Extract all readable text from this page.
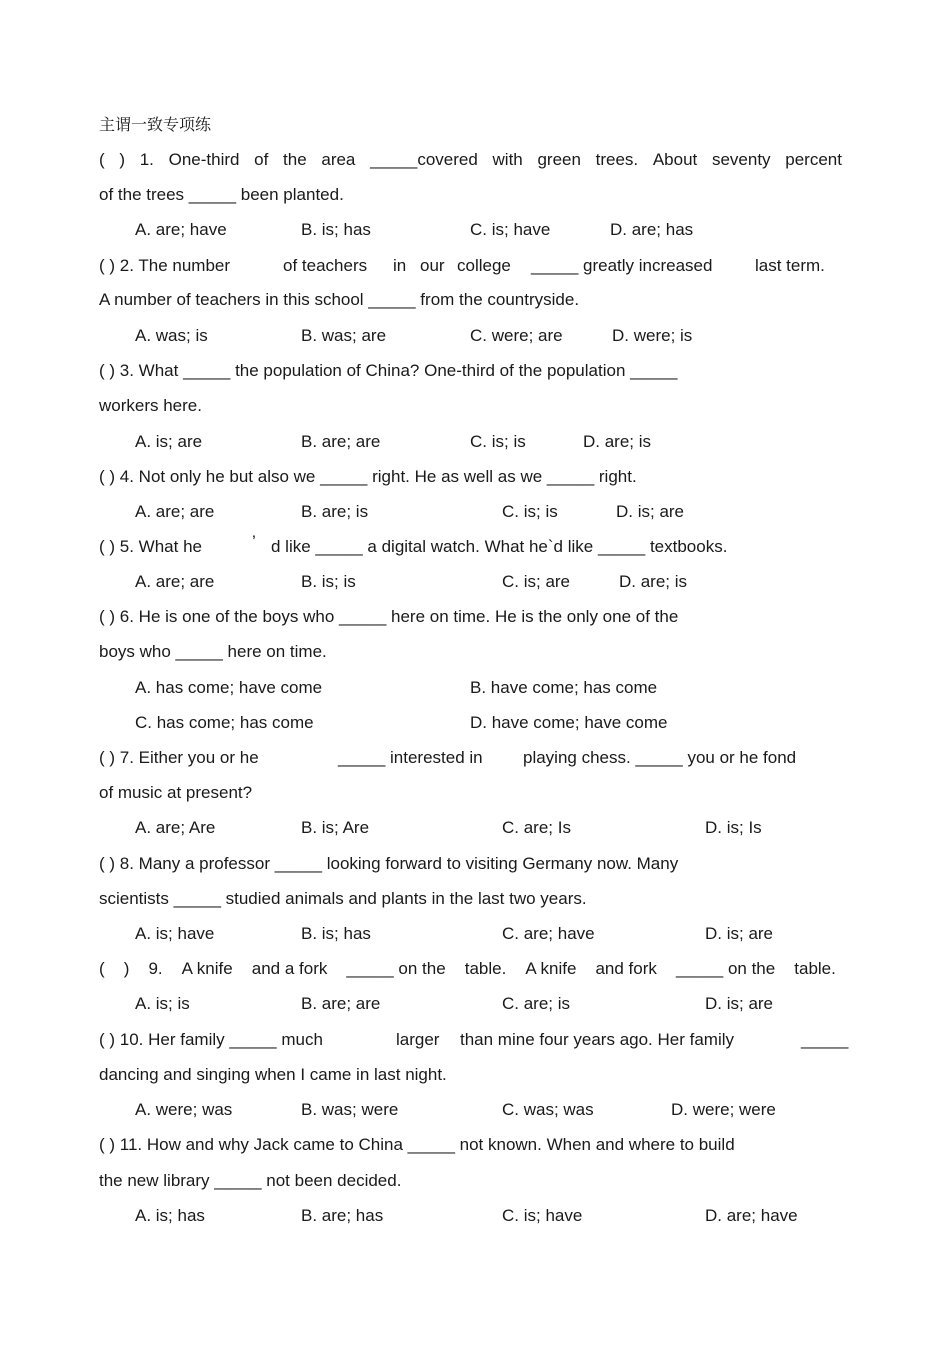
主谓一致专项练
( ) 1. One-third of the area _____covered with green trees. About seventy percent
of the trees _____ been planted.
A. are; have	B. is; has	C. is; have	D. are; has
( ) 2. The number	of teachers in our college _____ greatly increased	last term.
A number of teachers in this school _____ from the countryside.
A. was; is	B. was; are	C. were; are	D. were; is
( ) 3. What _____ the population of China? One-third of the population _____
workers here.
A. is; are	B. are; are	C. is; is	D. are; is
( ) 4. Not only he but also we _____ right. He as well as we _____ right.
A. are; are	B. are; is	C. is; is	D. is; are
( ) 5. What he	’ d like _____ a digital watch. What he`d like _____ textbooks.
A. are; are	B. is; is	C. is; are	D. are; is
( ) 6. He is one of the boys who _____ here on time. He is the only one of the
boys who _____ here on time.
A. has come; have come	B. have come; has come
C. has come; has come	D. have come; have come
( ) 7. Either you or he	_____ interested in playing chess. _____ you or he fond
of music at present?
A. are; Are	B. is; Are	C. are; Is	D. is; Is
( ) 8. Many a professor _____ looking forward to visiting Germany now. Many
scientists _____ studied animals and plants in the last two years.
A. is; have	B. is; has	C. are; have	D. is; are
( ) 9. A knife and a fork _____ on the table. A knife and fork _____ on the table.
A. is; is	B. are; are	C. are; is	D. is; are
( ) 10. Her family _____ much	larger than mine four years ago. Her family	_____
dancing and singing when I came in last night.
A. were; was	B. was; were	C. was; was	D. were; were
( ) 11. How and why Jack came to China _____ not known. When and where to build
the new library _____ not been decided.
A. is; has	B. are; has	C. is; have	D. are; have
